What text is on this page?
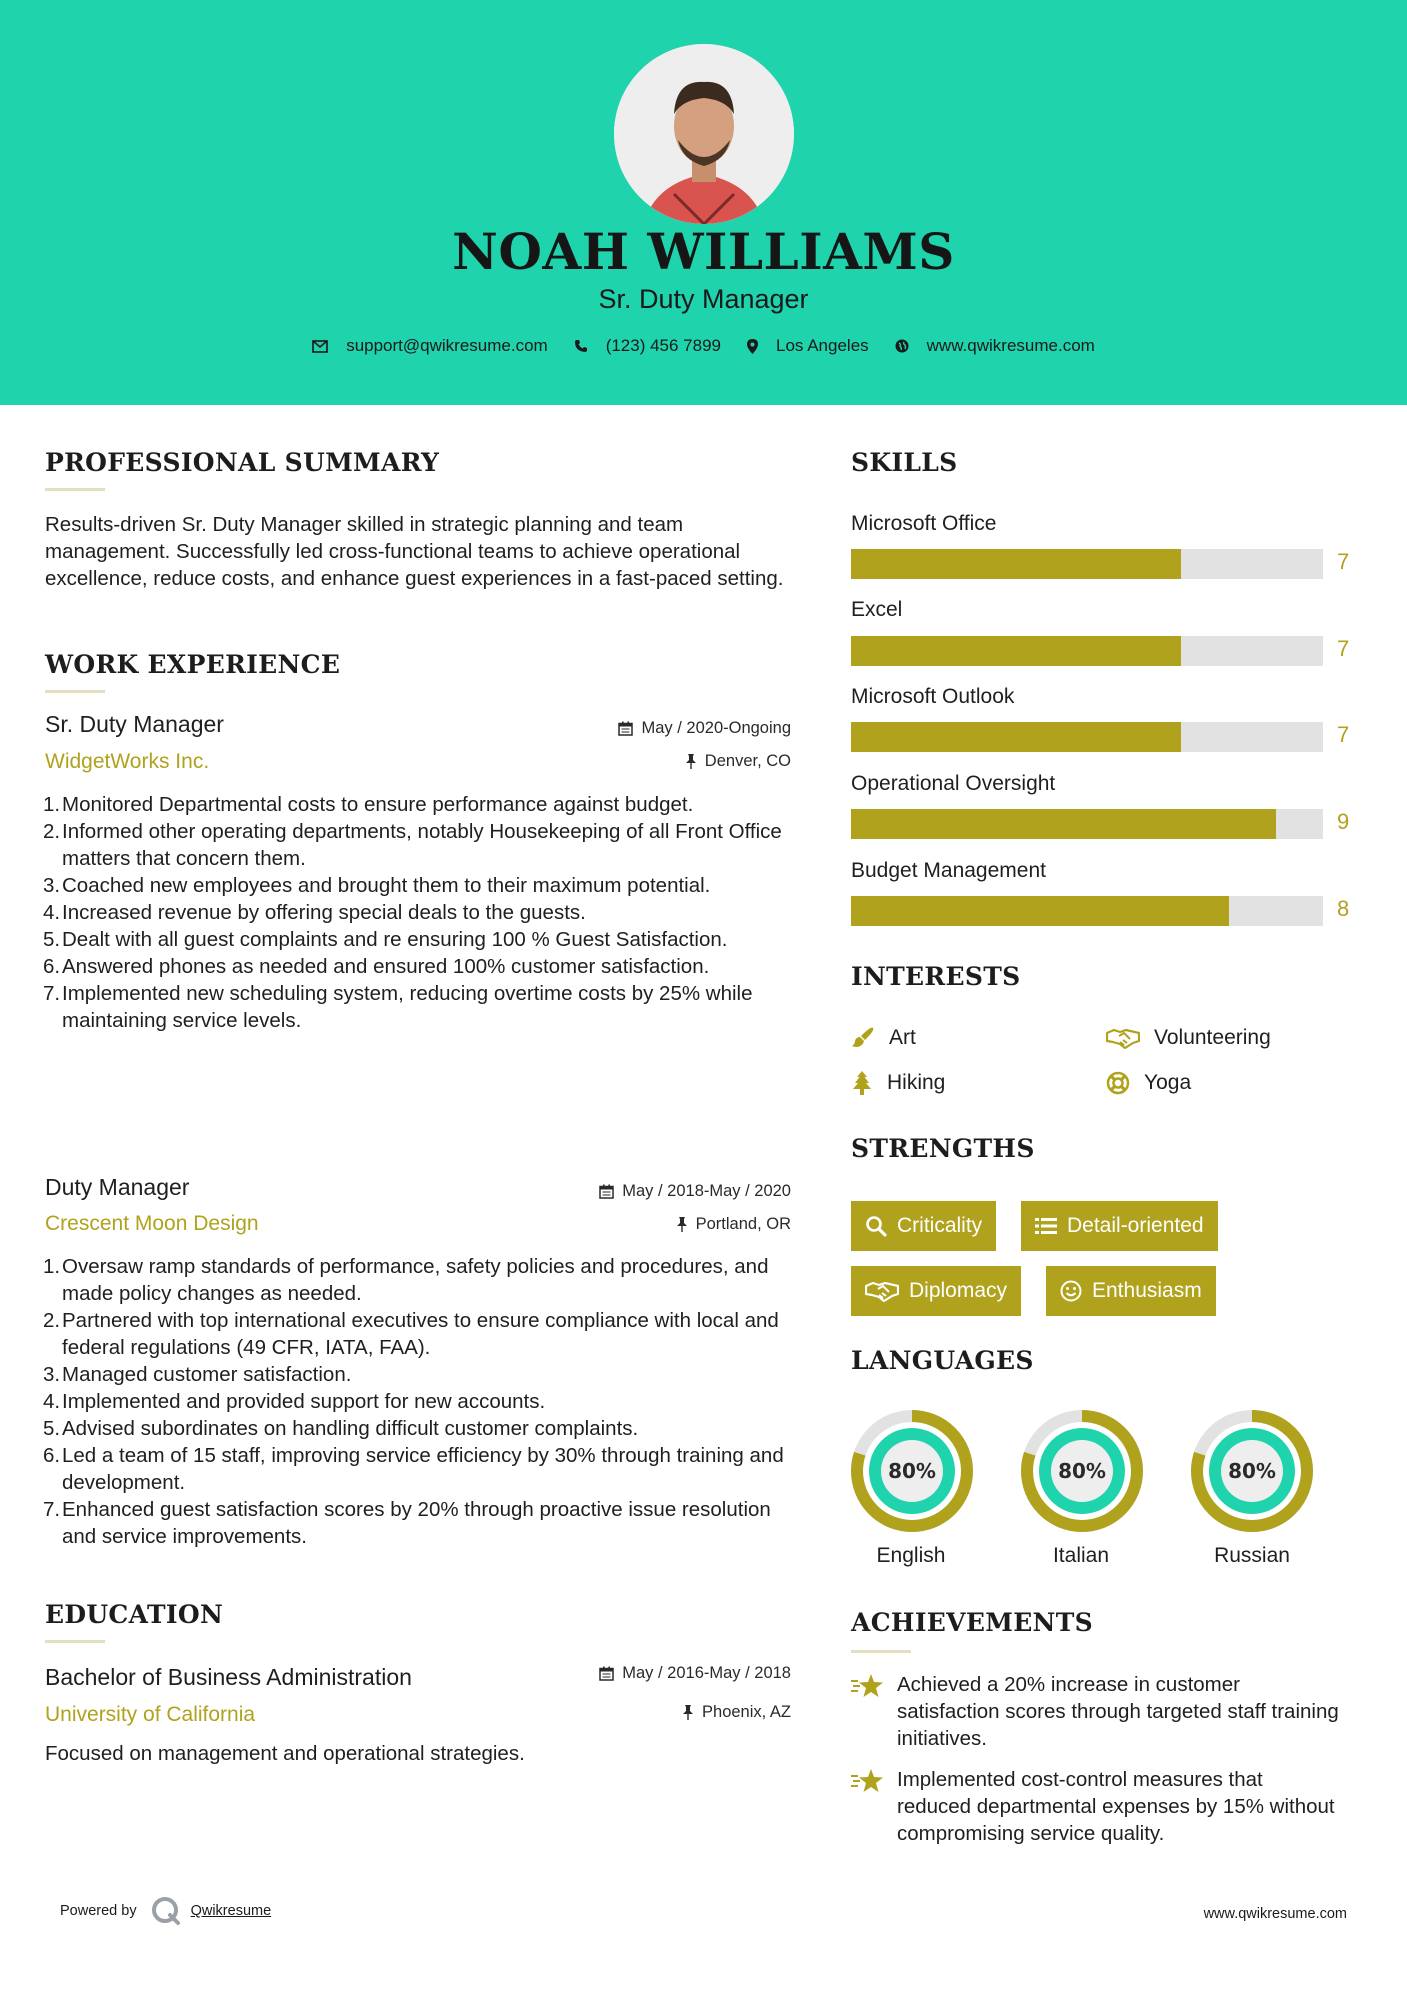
NOAH WILLIAMS
Sr. Duty Manager
support@qwikresume.com	(123) 456 7899	Los Angeles	www.qwikresume.com
PROFESSIONAL SUMMARY
Results-driven Sr. Duty Manager skilled in strategic planning and team management. Successfully led cross-functional teams to achieve operational excellence, reduce costs, and enhance guest experiences in a fast-paced setting.
WORK EXPERIENCE
Sr. Duty Manager	May / 2020-Ongoing
WidgetWorks Inc.	Denver, CO
1. Monitored Departmental costs to ensure performance against budget.
2. Informed other operating departments, notably Housekeeping of all Front Office matters that concern them.
3. Coached new employees and brought them to their maximum potential.
4. Increased revenue by offering special deals to the guests.
5. Dealt with all guest complaints and re ensuring 100 % Guest Satisfaction.
6. Answered phones as needed and ensured 100% customer satisfaction.
7. Implemented new scheduling system, reducing overtime costs by 25% while maintaining service levels.
Duty Manager	May / 2018-May / 2020
Crescent Moon Design	Portland, OR
1. Oversaw ramp standards of performance, safety policies and procedures, and made policy changes as needed.
2. Partnered with top international executives to ensure compliance with local and federal regulations (49 CFR, IATA, FAA).
3. Managed customer satisfaction.
4. Implemented and provided support for new accounts.
5. Advised subordinates on handling difficult customer complaints.
6. Led a team of 15 staff, improving service efficiency by 30% through training and development.
7. Enhanced guest satisfaction scores by 20% through proactive issue resolution and service improvements.
EDUCATION
Bachelor of Business Administration	May / 2016-May / 2018
University of California	Phoenix, AZ
Focused on management and operational strategies.
SKILLS
Microsoft Office
7
Excel
7
Microsoft Outlook
7
Operational Oversight
9
Budget Management
8
INTERESTS
Art	Volunteering
Hiking	Yoga
STRENGTHS
Criticality	Detail-oriented
Diplomacy	Enthusiasm
LANGUAGES
80%
English
80%
Italian
80%
Russian
ACHIEVEMENTS
Achieved a 20% increase in customer satisfaction scores through targeted staff training initiatives.
Implemented cost-control measures that reduced departmental expenses by 15% without compromising service quality.
Powered by	Qwikresume	www.qwikresume.com
